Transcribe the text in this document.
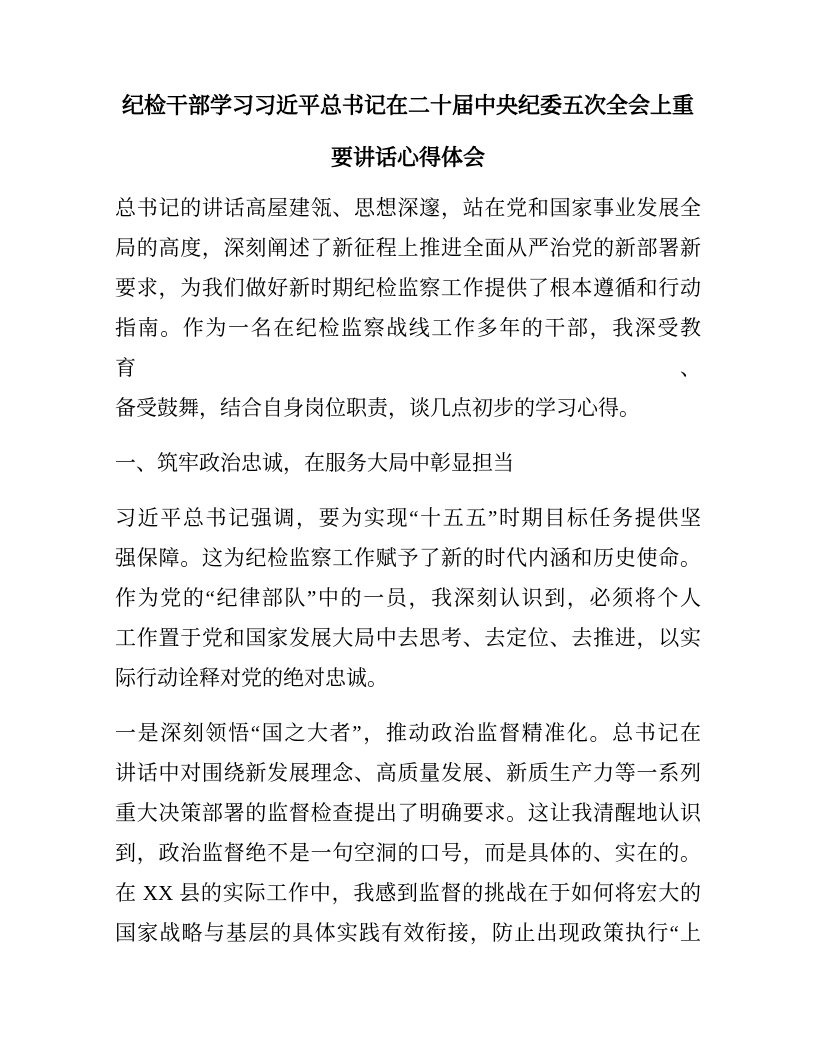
纪检干部学习习近平总书记在二十届中央纪委五次全会上重
要讲话心得体会

总书记的讲话高屋建瓴、思想深邃，站在党和国家事业发展全
局的高度，深刻阐述了新征程上推进全面从严治党的新部署新
要求，为我们做好新时期纪检监察工作提供了根本遵循和行动
指南。作为一名在纪检监察战线工作多年的干部，我深受教育、
备受鼓舞，结合自身岗位职责，谈几点初步的学习心得。

一、筑牢政治忠诚，在服务大局中彰显担当

习近平总书记强调，要为实现“十五五”时期目标任务提供坚
强保障。这为纪检监察工作赋予了新的时代内涵和历史使命。
作为党的“纪律部队”中的一员，我深刻认识到，必须将个人
工作置于党和国家发展大局中去思考、去定位、去推进，以实
际行动诠释对党的绝对忠诚。

一是深刻领悟“国之大者”，推动政治监督精准化。总书记在
讲话中对围绕新发展理念、高质量发展、新质生产力等一系列
重大决策部署的监督检查提出了明确要求。这让我清醒地认识
到，政治监督绝不是一句空洞的口号，而是具体的、实在的。
在 XX 县的实际工作中，我感到监督的挑战在于如何将宏大的
国家战略与基层的具体实践有效衔接，防止出现政策执行“上
